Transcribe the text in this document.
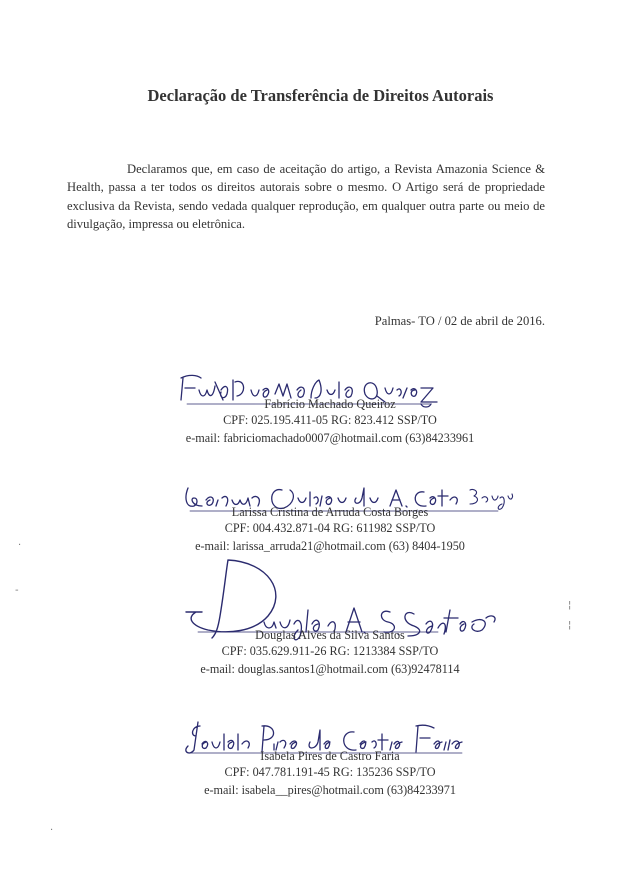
Declaração de Transferência de Direitos Autorais
Declaramos que, em caso de aceitação do artigo, a Revista Amazonia Science & Health, passa a ter todos os direitos autorais sobre o mesmo. O Artigo será de propriedade exclusiva da Revista, sendo vedada qualquer reprodução, em qualquer outra parte ou meio de divulgação, impressa ou eletrônica.
Palmas- TO / 02 de abril de 2016.
Fabrício Machado Queiroz
CPF: 025.195.411-05 RG: 823.412 SSP/TO
e-mail: fabriciomachado0007@hotmail.com (63)84233961
Larissa Cristina de Arruda Costa Borges
CPF: 004.432.871-04 RG: 611982 SSP/TO
e-mail: larissa_arruda21@hotmail.com (63) 8404-1950
Douglas Alves da Silva Santos
CPF: 035.629.911-26 RG: 1213384 SSP/TO
e-mail: douglas.santos1@hotmail.com (63)92478114
Isabela Pires de Castro Faria
CPF: 047.781.191-45 RG: 135236 SSP/TO
e-mail: isabela__pires@hotmail.com (63)84233971
·
-
¦
¦
·
